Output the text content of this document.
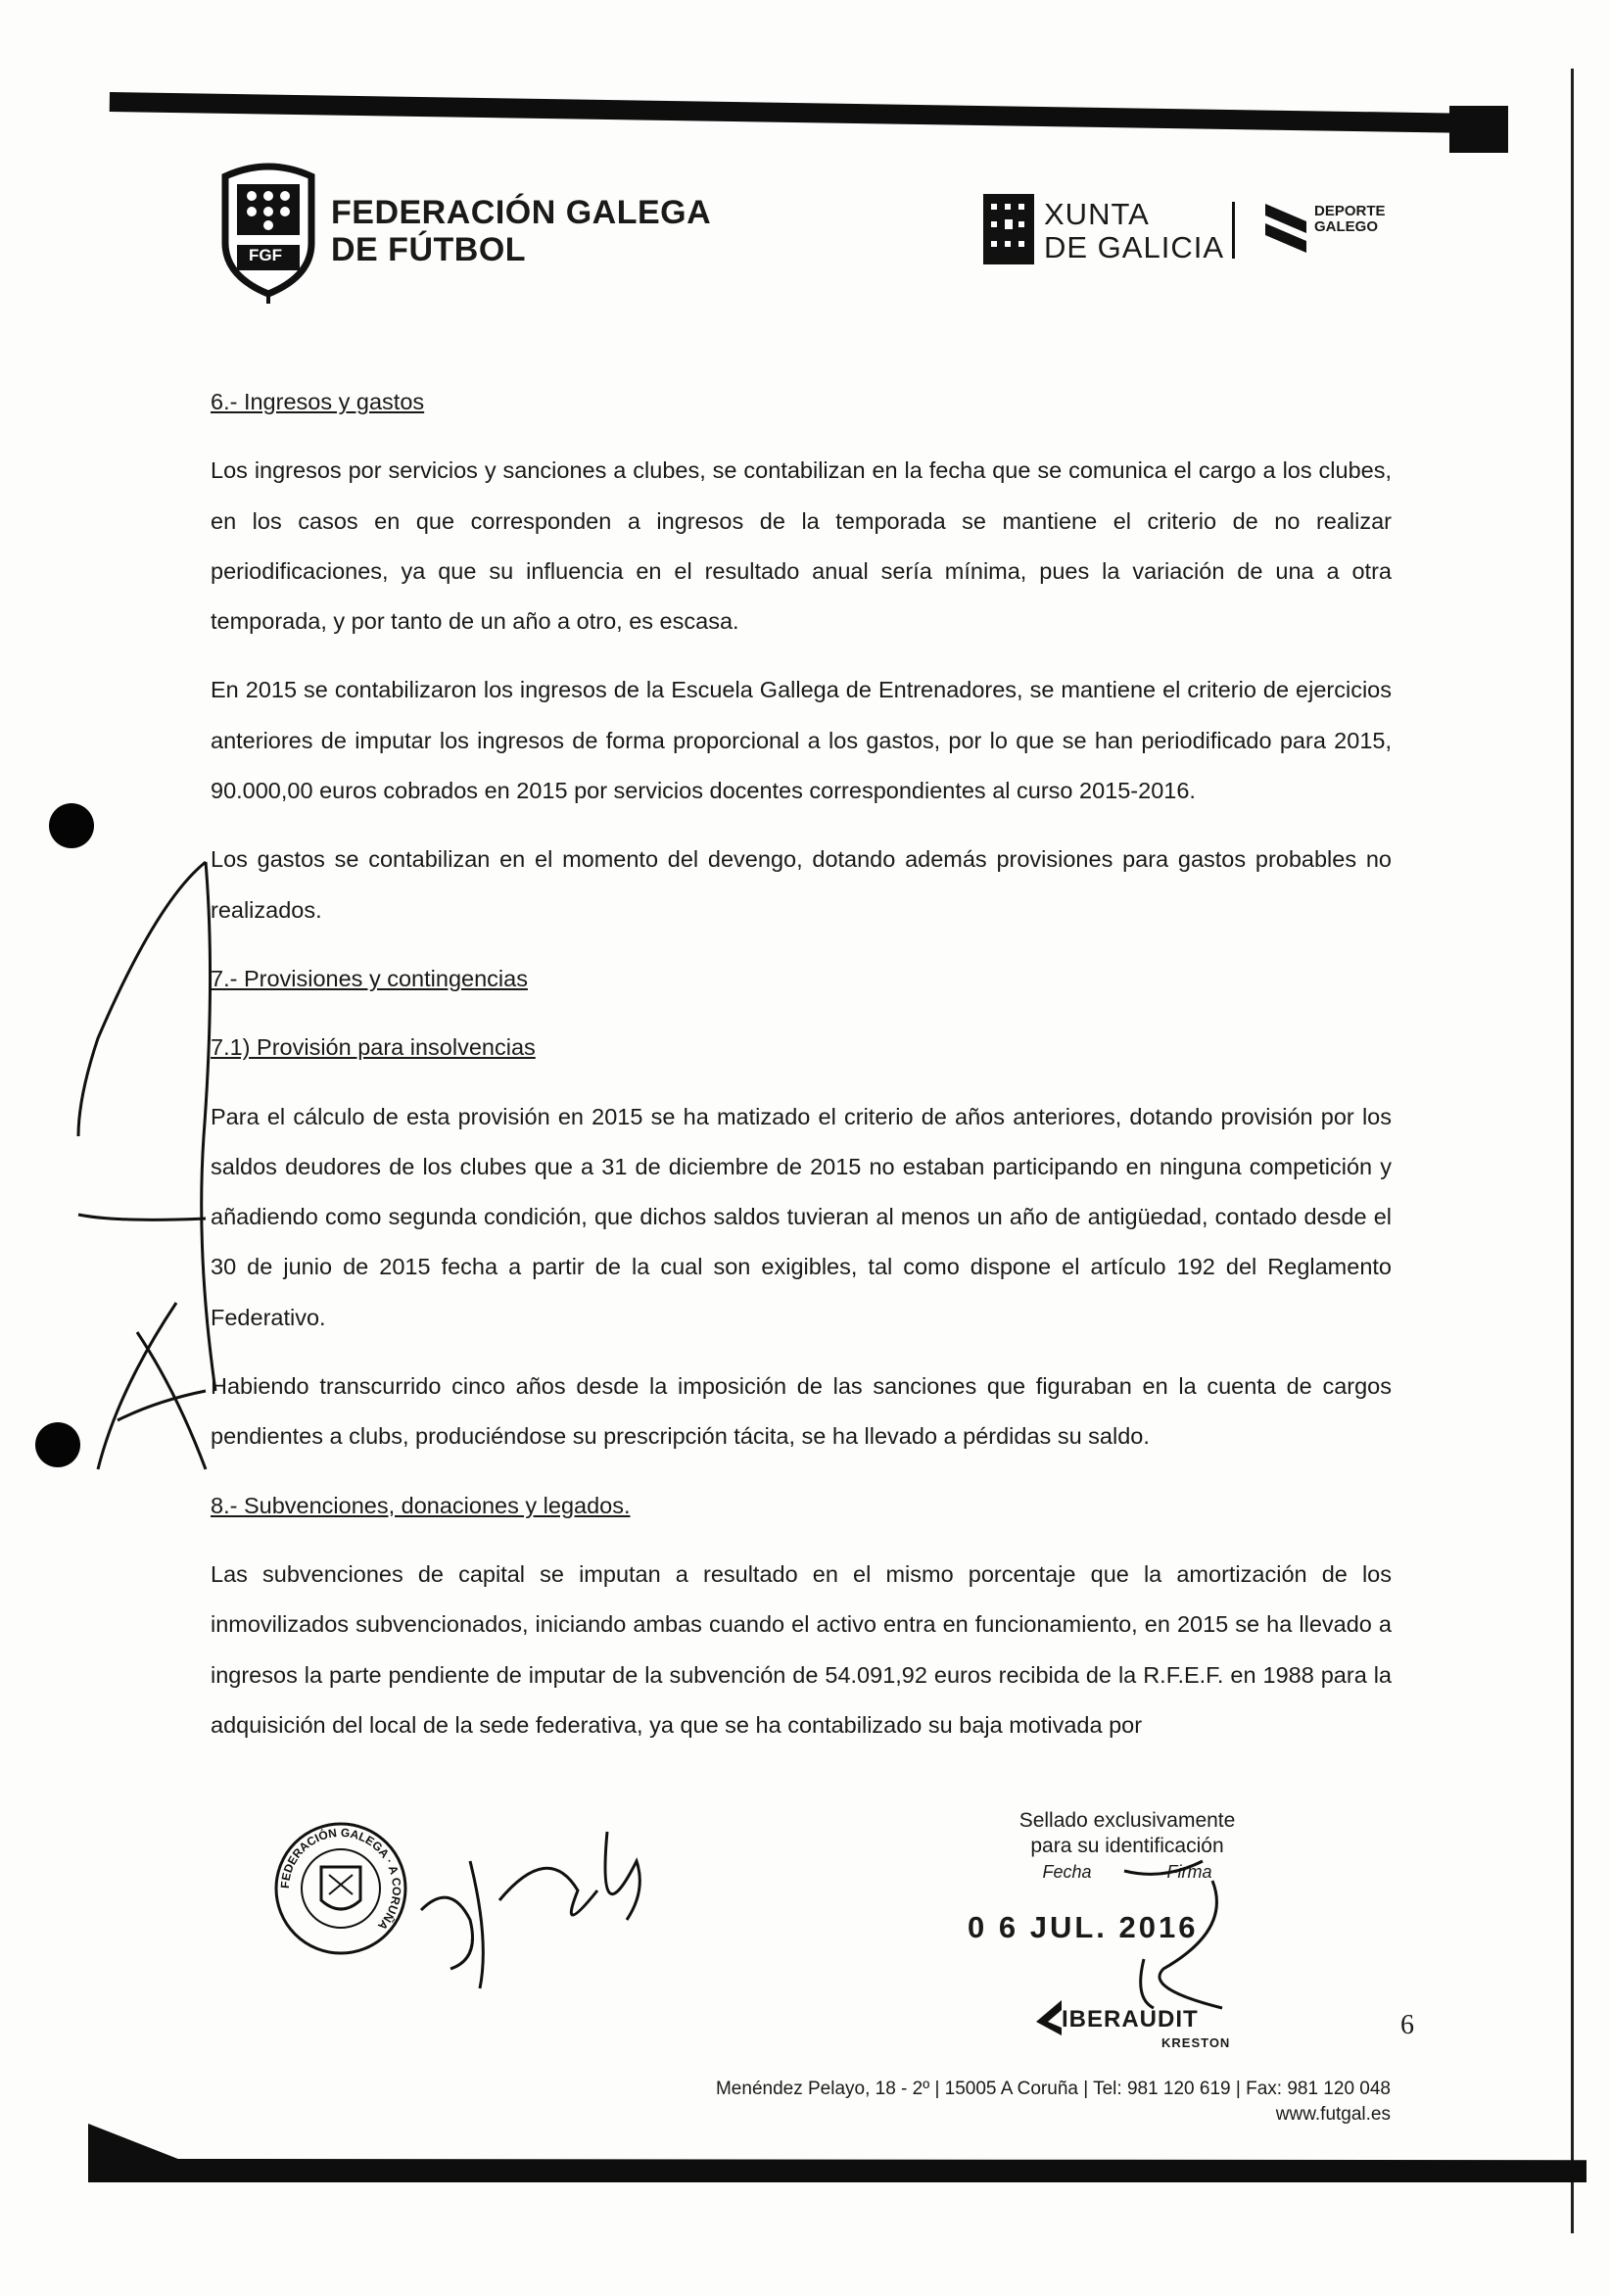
FGF
FEDERACIÓN GALEGA
DE FÚTBOL
XUNTA
DE GALICIA
DEPORTE
GALEGO
6.- Ingresos y gastos

Los ingresos por servicios y sanciones a clubes, se contabilizan en la fecha que se comunica el cargo a los clubes, en los casos en que corresponden a ingresos de la temporada se mantiene el criterio de no realizar periodificaciones, ya que su influencia en el resultado anual sería mínima, pues la variación de una a otra temporada, y por tanto de un año a otro, es escasa.

En 2015 se contabilizaron los ingresos de la Escuela Gallega de Entrenadores, se mantiene el criterio de ejercicios anteriores de imputar los ingresos de forma proporcional a los gastos, por lo que se han periodificado para 2015, 90.000,00 euros cobrados en 2015 por servicios docentes correspondientes al curso 2015-2016.

Los gastos se contabilizan en el momento del devengo, dotando además provisiones para gastos probables no realizados.

7.- Provisiones y contingencias
7.1) Provisión para insolvencias

Para el cálculo de esta provisión en 2015 se ha matizado el criterio de años anteriores, dotando provisión por los saldos deudores de los clubes que a 31 de diciembre de 2015 no estaban participando en ninguna competición y añadiendo como segunda condición, que dichos saldos tuvieran al menos un año de antigüedad, contado desde el 30 de junio de 2015 fecha a partir de la cual son exigibles, tal como dispone el artículo 192 del Reglamento Federativo.

Habiendo transcurrido cinco años desde la imposición de las sanciones que figuraban en la cuenta de cargos pendientes a clubs, produciéndose su prescripción tácita, se ha llevado a pérdidas su saldo.

8.- Subvenciones, donaciones y legados.

Las subvenciones de capital se imputan a resultado en el mismo porcentaje que la amortización de los inmovilizados subvencionados, iniciando ambas cuando el activo entra en funcionamiento, en 2015 se ha llevado a ingresos la parte pendiente de imputar de la subvención de 54.091,92 euros recibida de la R.F.E.F. en 1988 para la adquisición del local de la sede federativa, ya que se ha contabilizado su baja motivada por

FEDERACIÓN GALEGA · A CORUÑA
Sellado exclusivamente
para su identificación
Fecha	Firma
0 6 JUL. 2016
IBERAUDIT
KRESTON
6
Menéndez Pelayo, 18 - 2º | 15005 A Coruña | Tel: 981 120 619 | Fax: 981 120 048
www.futgal.es
